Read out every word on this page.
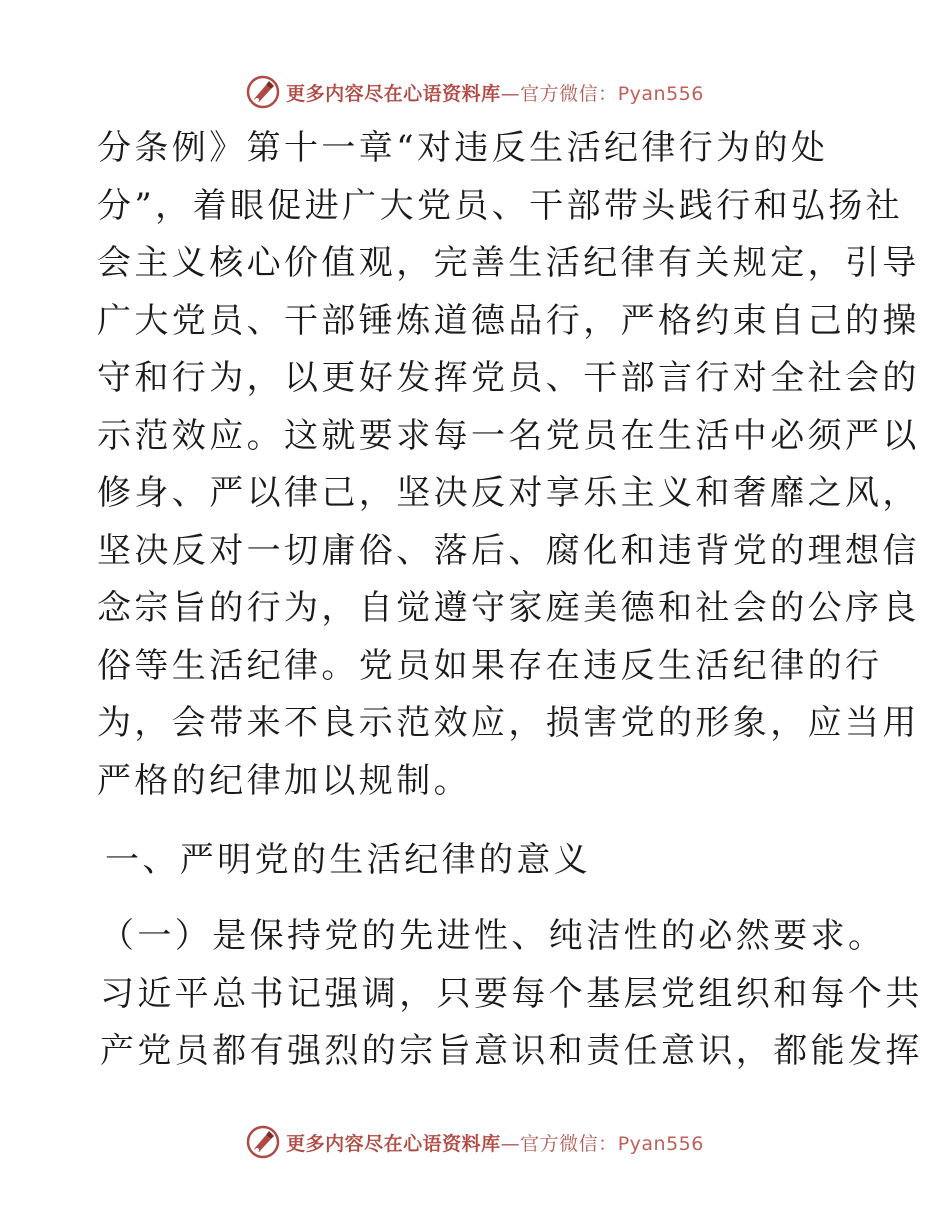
更多内容尽在心语资料库—官方微信：Pyan556
分条例》第十一章“对违反生活纪律行为的处
分”，着眼促进广大党员、干部带头践行和弘扬社
会主义核心价值观，完善生活纪律有关规定，引导
广大党员、干部锤炼道德品行，严格约束自己的操
守和行为，以更好发挥党员、干部言行对全社会的
示范效应。这就要求每一名党员在生活中必须严以
修身、严以律己，坚决反对享乐主义和奢靡之风，
坚决反对一切庸俗、落后、腐化和违背党的理想信
念宗旨的行为，自觉遵守家庭美德和社会的公序良
俗等生活纪律。党员如果存在违反生活纪律的行
为，会带来不良示范效应，损害党的形象，应当用
严格的纪律加以规制。
一、严明党的生活纪律的意义
（一）是保持党的先进性、纯洁性的必然要求。
习近平总书记强调，只要每个基层党组织和每个共
产党员都有强烈的宗旨意识和责任意识，都能发挥
更多内容尽在心语资料库—官方微信：Pyan556
